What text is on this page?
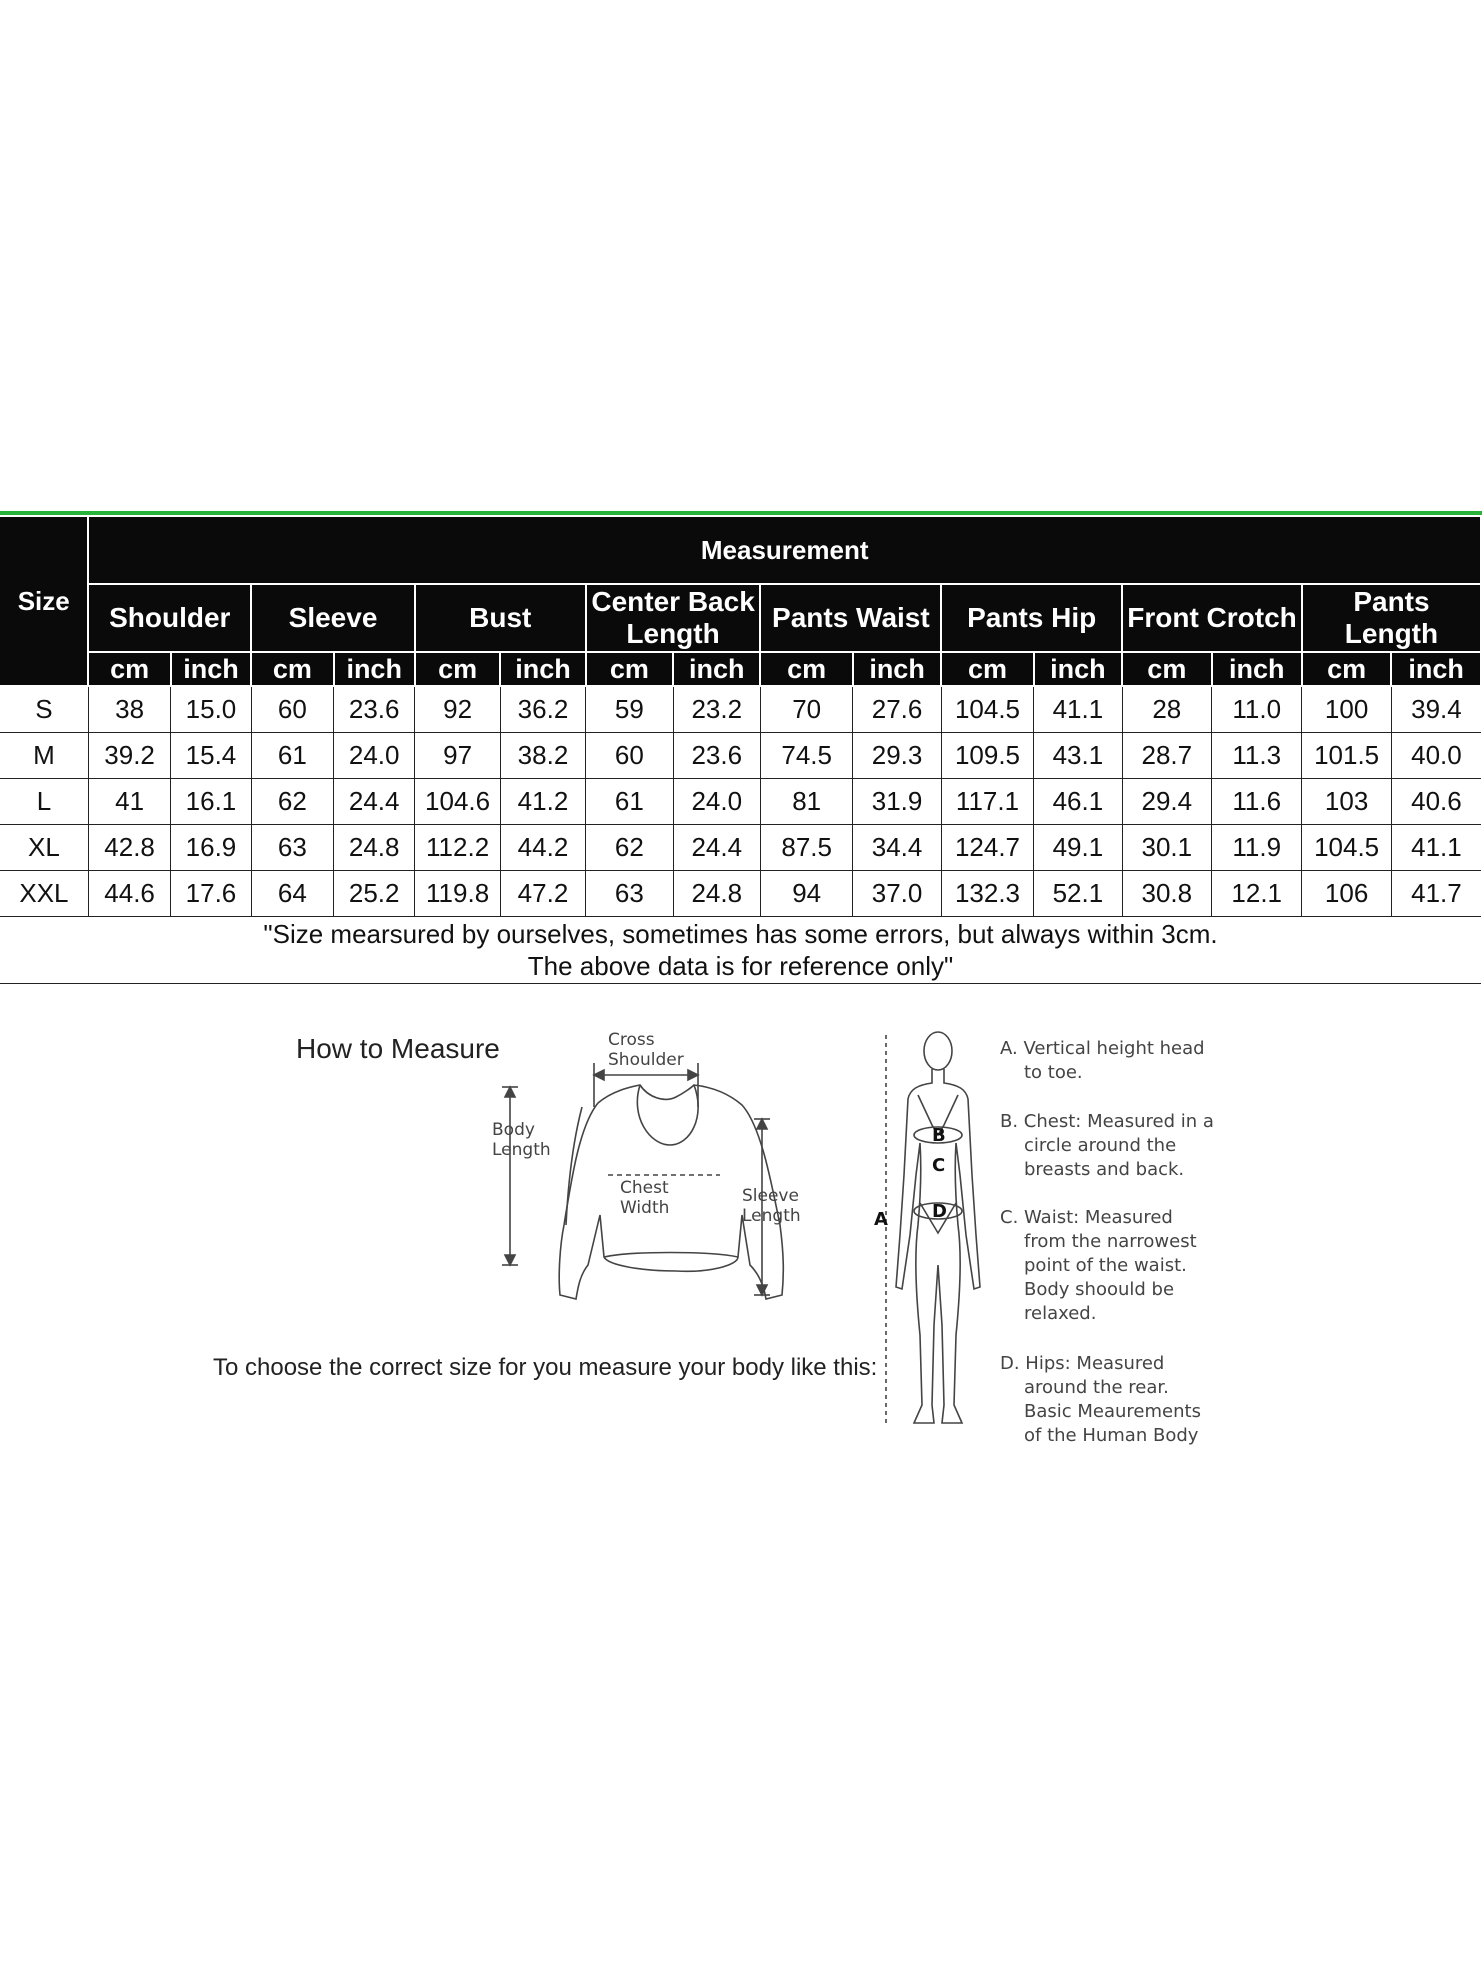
Size	Measurement															
	Shoulder		Sleeve		Bust		Center Back Length		Pants Waist		Pants Hip		Front Crotch		Pants Length	
	cm	inch	cm	inch	cm	inch	cm	inch	cm	inch	cm	inch	cm	inch	cm	inch
S	38	15.0	60	23.6	92	36.2	59	23.2	70	27.6	104.5	41.1	28	11.0	100	39.4
M	39.2	15.4	61	24.0	97	38.2	60	23.6	74.5	29.3	109.5	43.1	28.7	11.3	101.5	40.0
L	41	16.1	62	24.4	104.6	41.2	61	24.0	81	31.9	117.1	46.1	29.4	11.6	103	40.6
XL	42.8	16.9	63	24.8	112.2	44.2	62	24.4	87.5	34.4	124.7	49.1	30.1	11.9	104.5	41.1
XXL	44.6	17.6	64	25.2	119.8	47.2	63	24.8	94	37.0	132.3	52.1	30.8	12.1	106	41.7

"Size mearsured by ourselves, sometimes has some errors, but always within 3cm.
The above data is for reference only"																
How to Measure
To choose the correct size for you measure your body like this:
Cross
Shoulder
Body
Length
Chest
Width
Sleeve
Length	A
B
C
D
A. Vertical height head
to toe.
B. Chest: Measured in a
circle around the
breasts and back.
C. Waist: Measured
from the narrowest
point of the waist.
Body shoould be
relaxed.
D. Hips: Measured
around the rear.
Basic Meaurements
of the Human Body
